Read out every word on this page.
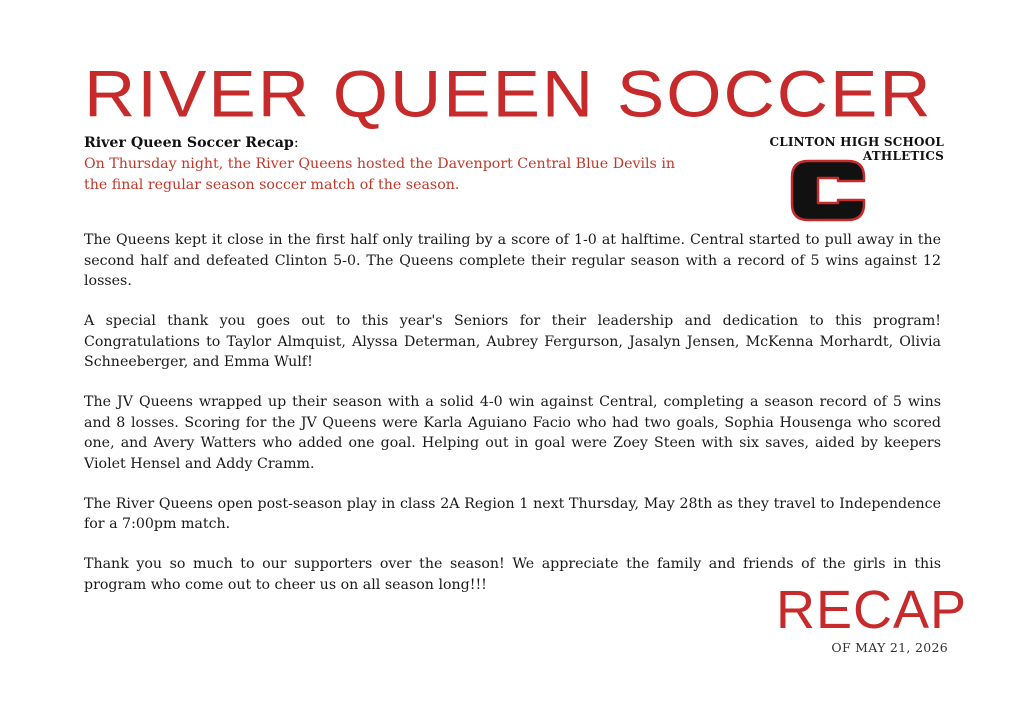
RIVER QUEEN SOCCER
CLINTON HIGH SCHOOL ATHLETICS
River Queen Soccer Recap:
On Thursday night, the River Queens hosted the Davenport Central Blue Devils in the final regular season soccer match of the season.

The Queens kept it close in the first half only trailing by a score of 1-0 at halftime. Central started to pull away in the second half and defeated Clinton 5-0. The Queens complete their regular season with a record of 5 wins against 12 losses.

A special thank you goes out to this year's Seniors for their leadership and dedication to this program! Congratulations to Taylor Almquist, Alyssa Determan, Aubrey Fergurson, Jasalyn Jensen, McKenna Morhardt, Olivia Schneeberger, and Emma Wulf!

The JV Queens wrapped up their season with a solid 4-0 win against Central, completing a season record of 5 wins and 8 losses. Scoring for the JV Queens were Karla Aguiano Facio who had two goals, Sophia Housenga who scored one, and Avery Watters who added one goal. Helping out in goal were Zoey Steen with six saves, aided by keepers Violet Hensel and Addy Cramm.

The River Queens open post-season play in class 2A Region 1 next Thursday, May 28th as they travel to Independence for a 7:00pm match.

Thank you so much to our supporters over the season! We appreciate the family and friends of the girls in this program who come out to cheer us on all season long!!!	RECAP
OF MAY 21, 2026
